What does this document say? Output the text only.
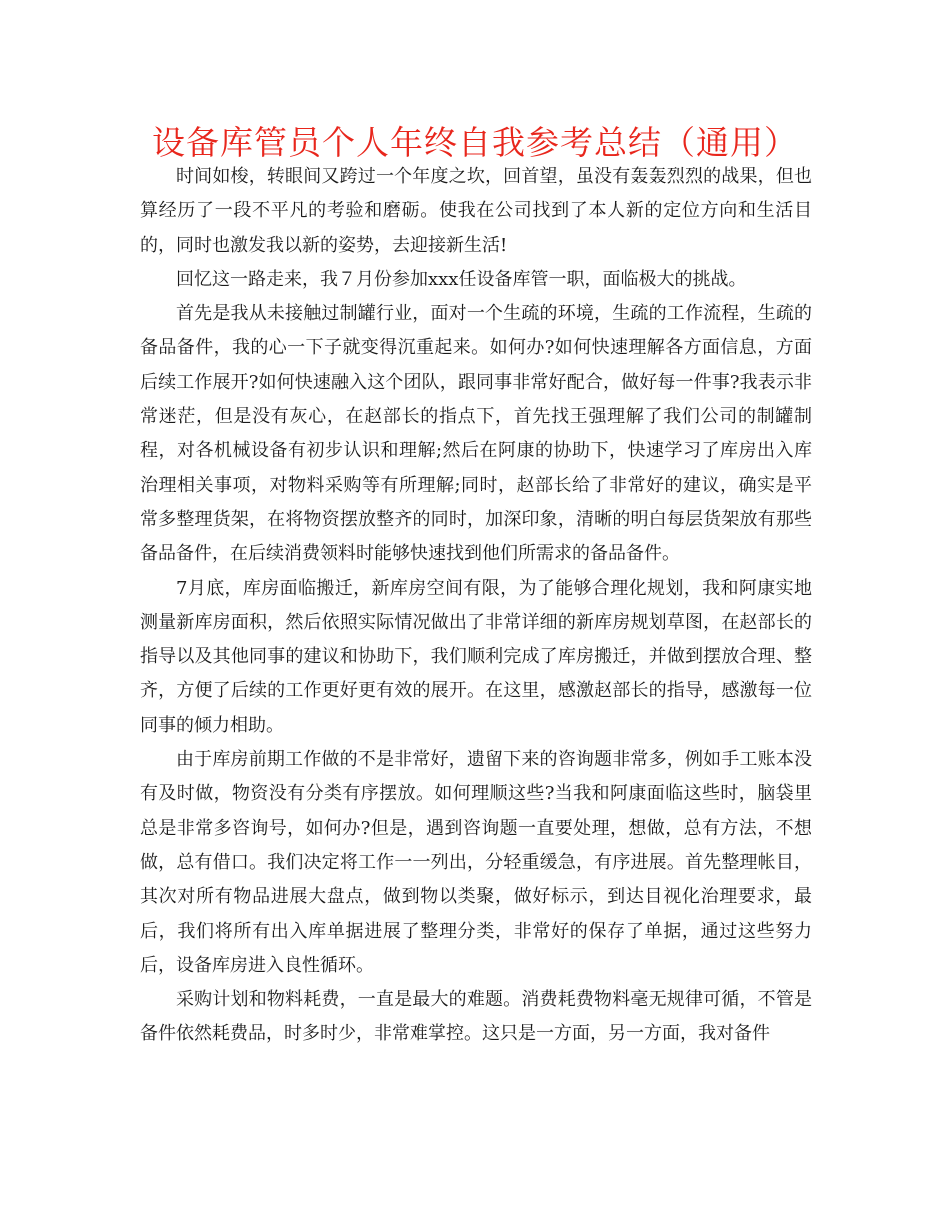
设备库管员个人年终自我参考总结（通用）

时间如梭，转眼间又跨过一个年度之坎，回首望，虽没有轰轰烈烈的战果，但也算经历了一段不平凡的考验和磨砺。使我在公司找到了本人新的定位方向和生活目的，同时也激发我以新的姿势，去迎接新生活!

回忆这一路走来，我７月份参加xxx任设备库管一职，面临极大的挑战。

首先是我从未接触过制罐行业，面对一个生疏的环境，生疏的工作流程，生疏的备品备件，我的心一下子就变得沉重起来。如何办?如何快速理解各方面信息，方面后续工作展开?如何快速融入这个团队，跟同事非常好配合，做好每一件事?我表示非常迷茫，但是没有灰心，在赵部长的指点下，首先找王强理解了我们公司的制罐制程，对各机械设备有初步认识和理解;然后在阿康的协助下，快速学习了库房出入库治理相关事项，对物料采购等有所理解;同时，赵部长给了非常好的建议，确实是平常多整理货架，在将物资摆放整齐的同时，加深印象，清晰的明白每层货架放有那些备品备件，在后续消费领料时能够快速找到他们所需求的备品备件。

7月底，库房面临搬迁，新库房空间有限，为了能够合理化规划，我和阿康实地测量新库房面积，然后依照实际情况做出了非常详细的新库房规划草图，在赵部长的指导以及其他同事的建议和协助下，我们顺利完成了库房搬迁，并做到摆放合理、整齐，方便了后续的工作更好更有效的展开。在这里，感激赵部长的指导，感激每一位同事的倾力相助。

由于库房前期工作做的不是非常好，遗留下来的咨询题非常多，例如手工账本没有及时做，物资没有分类有序摆放。如何理顺这些?当我和阿康面临这些时，脑袋里总是非常多咨询号，如何办?但是，遇到咨询题一直要处理，想做，总有方法，不想做，总有借口。我们决定将工作一一列出，分轻重缓急，有序进展。首先整理帐目，其次对所有物品进展大盘点，做到物以类聚，做好标示，到达目视化治理要求，最后，我们将所有出入库单据进展了整理分类，非常好的保存了单据，通过这些努力后，设备库房进入良性循环。

采购计划和物料耗费，一直是最大的难题。消费耗费物料毫无规律可循，不管是备件依然耗费品，时多时少，非常难掌控。这只是一方面，另一方面，我对备件
